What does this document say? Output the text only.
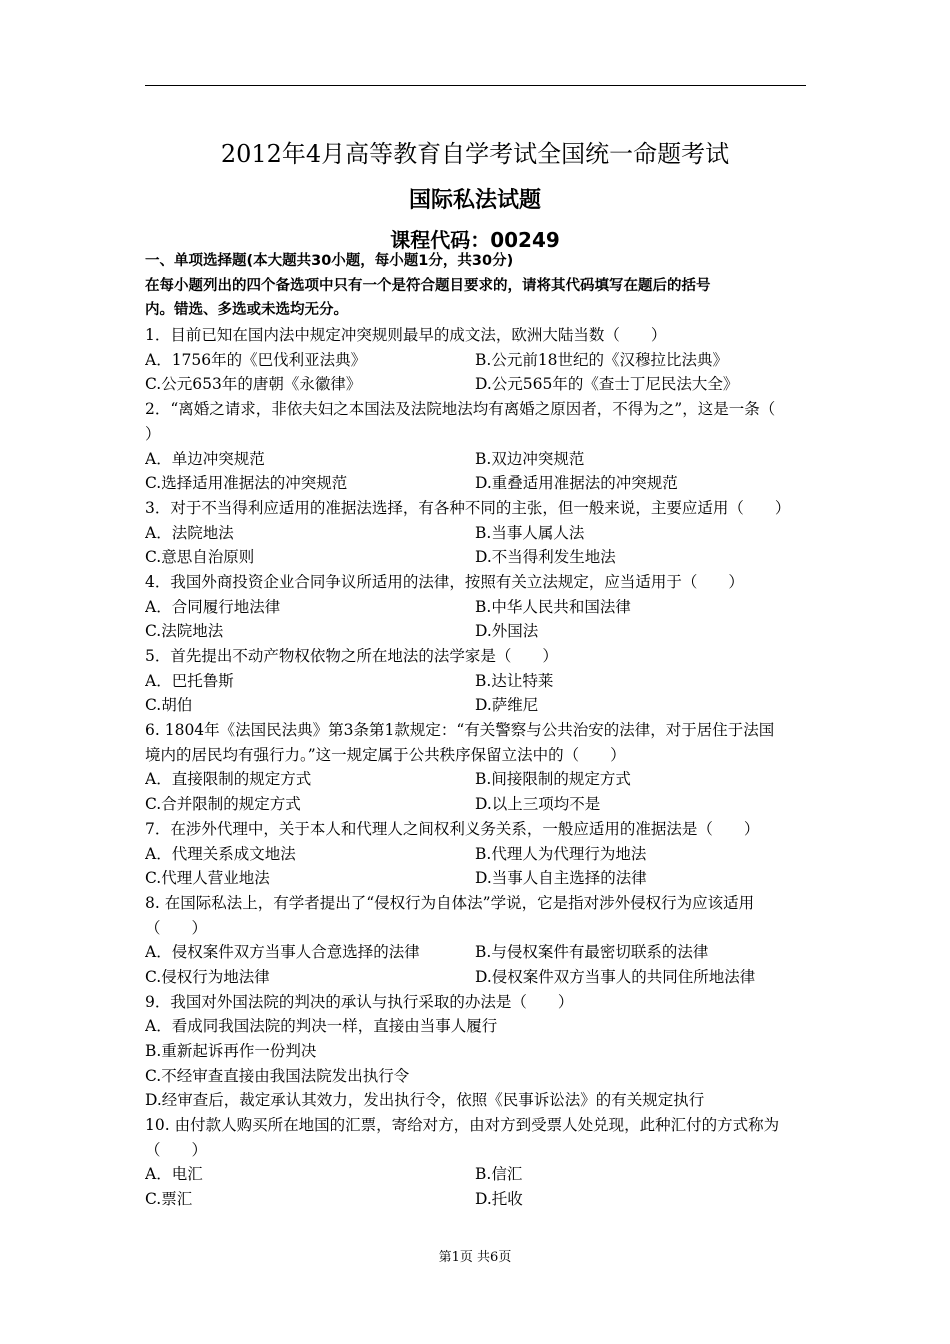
2012年4月高等教育自学考试全国统一命题考试
国际私法试题
课程代码：00249
一、单项选择题(本大题共30小题，每小题1分，共30分)
在每小题列出的四个备选项中只有一个是符合题目要求的，请将其代码填写在题后的括号
内。错选、多选或未选均无分。
1．目前已知在国内法中规定冲突规则最早的成文法，欧洲大陆当数（　　）
A．1756年的《巴伐利亚法典》	B.公元前18世纪的《汉穆拉比法典》
C.公元653年的唐朝《永徽律》	D.公元565年的《查士丁尼民法大全》
2．“离婚之请求，非依夫妇之本国法及法院地法均有离婚之原因者，不得为之”，这是一条（
）
A．单边冲突规范	B.双边冲突规范
C.选择适用准据法的冲突规范	D.重叠适用准据法的冲突规范
3．对于不当得利应适用的准据法选择，有各种不同的主张，但一般来说，主要应适用（　　）
A．法院地法	B.当事人属人法
C.意思自治原则	D.不当得利发生地法
4．我国外商投资企业合同争议所适用的法律，按照有关立法规定，应当适用于（　　）
A．合同履行地法律	B.中华人民共和国法律
C.法院地法	D.外国法
5．首先提出不动产物权依物之所在地法的法学家是（　　）
A．巴托鲁斯	B.达让特莱
C.胡伯	D.萨维尼
6. 1804年《法国民法典》第3条第1款规定：“有关警察与公共治安的法律，对于居住于法国
境内的居民均有强行力。”这一规定属于公共秩序保留立法中的（　　）
A．直接限制的规定方式	B.间接限制的规定方式
C.合并限制的规定方式	D.以上三项均不是
7．在涉外代理中，关于本人和代理人之间权利义务关系，一般应适用的准据法是（　　）
A．代理关系成文地法	B.代理人为代理行为地法
C.代理人营业地法	D.当事人自主选择的法律
8. 在国际私法上，有学者提出了“侵权行为自体法”学说，它是指对涉外侵权行为应该适用
（　　）
A．侵权案件双方当事人合意选择的法律	B.与侵权案件有最密切联系的法律
C.侵权行为地法律	D.侵权案件双方当事人的共同住所地法律
9．我国对外国法院的判决的承认与执行采取的办法是（　　）
A．看成同我国法院的判决一样，直接由当事人履行
B.重新起诉再作一份判决
C.不经审查直接由我国法院发出执行令
D.经审查后，裁定承认其效力，发出执行令，依照《民事诉讼法》的有关规定执行
10. 由付款人购买所在地国的汇票，寄给对方，由对方到受票人处兑现，此种汇付的方式称为
（　　）
A．电汇	B.信汇
C.票汇	D.托收
第1页 共6页
